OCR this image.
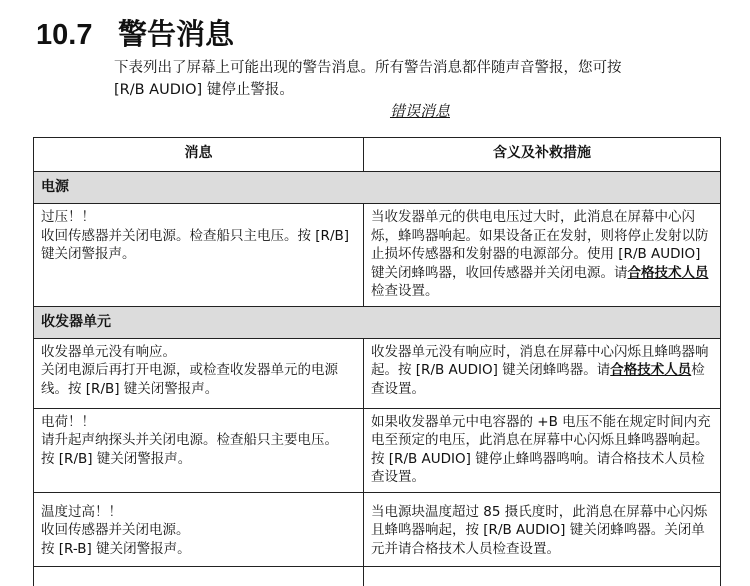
10.7 警告消息
下表列出了屏幕上可能出现的警告消息。所有警告消息都伴随声音警报，您可按
[R/B AUDIO] 键停止警报。
错误消息
消息	含义及补救措施
电源	

过压！！
收回传感器并关闭电源。检查船只主电压。按 [R/B]
键关闭警报声。	当收发器单元的供电电压过大时，此消息在屏幕中心闪烁，蜂鸣器响起。如果设备正在发射，则将停止发射以防止损坏传感器和发射器的电源部分。使用 [R/B AUDIO] 键关闭蜂鸣器，收回传感器并关闭电源。请合格技术人员检查设置。
收发器单元	

收发器单元没有响应。
关闭电源后再打开电源，或检查收发器单元的电源
线。按 [R/B] 键关闭警报声。	收发器单元没有响应时，消息在屏幕中心闪烁且蜂鸣器响起。按 [R/B AUDIO] 键关闭蜂鸣器。请合格技术人员检查设置。

电荷！！
请升起声纳探头并关闭电源。检查船只主要电压。
按 [R/B] 键关闭警报声。	如果收发器单元中电容器的 +B 电压不能在规定时间内充电至预定的电压，此消息在屏幕中心闪烁且蜂鸣器响起。按 [R/B AUDIO] 键停止蜂鸣器鸣响。请合格技术人员检查设置。

温度过高！！
收回传感器并关闭电源。
按 [R-B] 键关闭警报声。	当电源块温度超过 85 摄氏度时，此消息在屏幕中心闪烁且蜂鸣器响起，按 [R/B AUDIO] 键关闭蜂鸣器。关闭单元并请合格技术人员检查设置。
